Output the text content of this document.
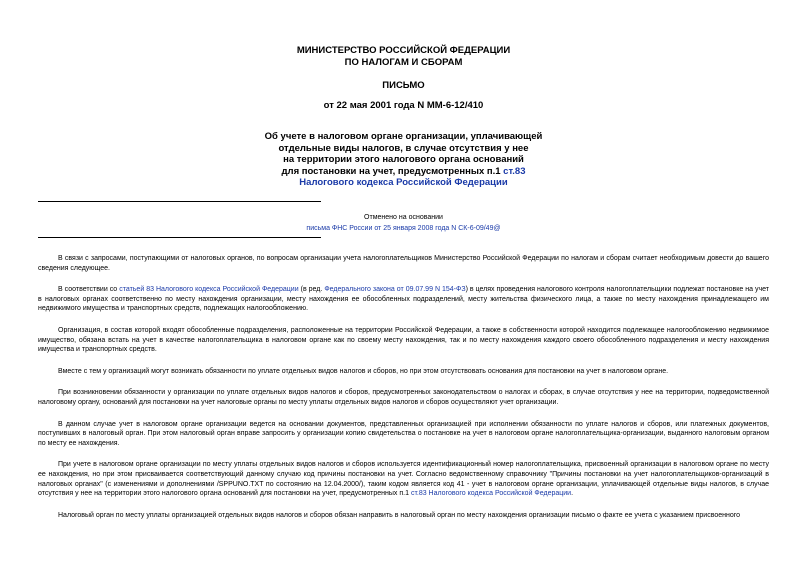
МИНИСТЕРСТВО РОССИЙСКОЙ ФЕДЕРАЦИИ
ПО НАЛОГАМ И СБОРАМ
ПИСЬМО
от 22 мая 2001 года N ММ-6-12/410
Об учете в налоговом органе организации, уплачивающей
отдельные виды налогов, в случае отсутствия у нее
на территории этого налогового органа оснований
для постановки на учет, предусмотренных п.1 ст.83
Налогового кодекса Российской Федерации
Отменено на основании
письма ФНС России от 25 января 2008 года N СК-6-09/49@

В связи с запросами, поступающими от налоговых органов, по вопросам организации учета налогоплательщиков Министерство Российской Федерации по налогам и сборам считает необходимым довести до вашего сведения следующее.

В соответствии со статьей 83 Налогового кодекса Российской Федерации (в ред. Федерального закона от 09.07.99 N 154-ФЗ) в целях проведения налогового контроля налогоплательщики подлежат постановке на учет в налоговых органах соответственно по месту нахождения организации, месту нахождения ее обособленных подразделений, месту жительства физического лица, а также по месту нахождения принадлежащего им недвижимого имущества и транспортных средств, подлежащих налогообложению.

Организация, в состав которой входят обособленные подразделения, расположенные на территории Российской Федерации, а также в собственности которой находится подлежащее налогообложению недвижимое имущество, обязана встать на учет в качестве налогоплательщика в налоговом органе как по своему месту нахождения, так и по месту нахождения каждого своего обособленного подразделения и месту нахождения имущества и транспортных средств.

Вместе с тем у организаций могут возникать обязанности по уплате отдельных видов налогов и сборов, но при этом отсутствовать основания для постановки на учет в налоговом органе.

При возникновении обязанности у организации по уплате отдельных видов налогов и сборов, предусмотренных законодательством о налогах и сборах, в случае отсутствия у нее на территории, подведомственной налоговому органу, оснований для постановки на учет налоговые органы по месту уплаты отдельных видов налогов и сборов осуществляют учет организации.

В данном случае учет в налоговом органе организации ведется на основании документов, представленных организацией при исполнении обязанности по уплате налогов и сборов, или платежных документов, поступивших в налоговый орган. При этом налоговый орган вправе запросить у организации копию свидетельства о постановке на учет в налоговом органе налогоплательщика-организации, выданного налоговым органом по месту ее нахождения.

При учете в налоговом органе организации по месту уплаты отдельных видов налогов и сборов используется идентификационный номер налогоплательщика, присвоенный организации в налоговом органе по месту ее нахождения, но при этом присваивается соответствующий данному случаю код причины постановки на учет. Согласно ведомственному справочнику "Причины постановки на учет налогоплательщиков-организаций в налоговых органах" (с изменениями и дополнениями /SPPUNO.TXT по состоянию на 12.04.2000/), таким кодом является код 41 - учет в налоговом органе организации, уплачивающей отдельные виды налогов, в случае отсутствия у нее на территории этого налогового органа оснований для постановки на учет, предусмотренных п.1 ст.83 Налогового кодекса Российской Федерации.

Налоговый орган по месту уплаты организацией отдельных видов налогов и сборов обязан направить в налоговый орган по месту нахождения организации письмо о факте ее учета с указанием присвоенного
